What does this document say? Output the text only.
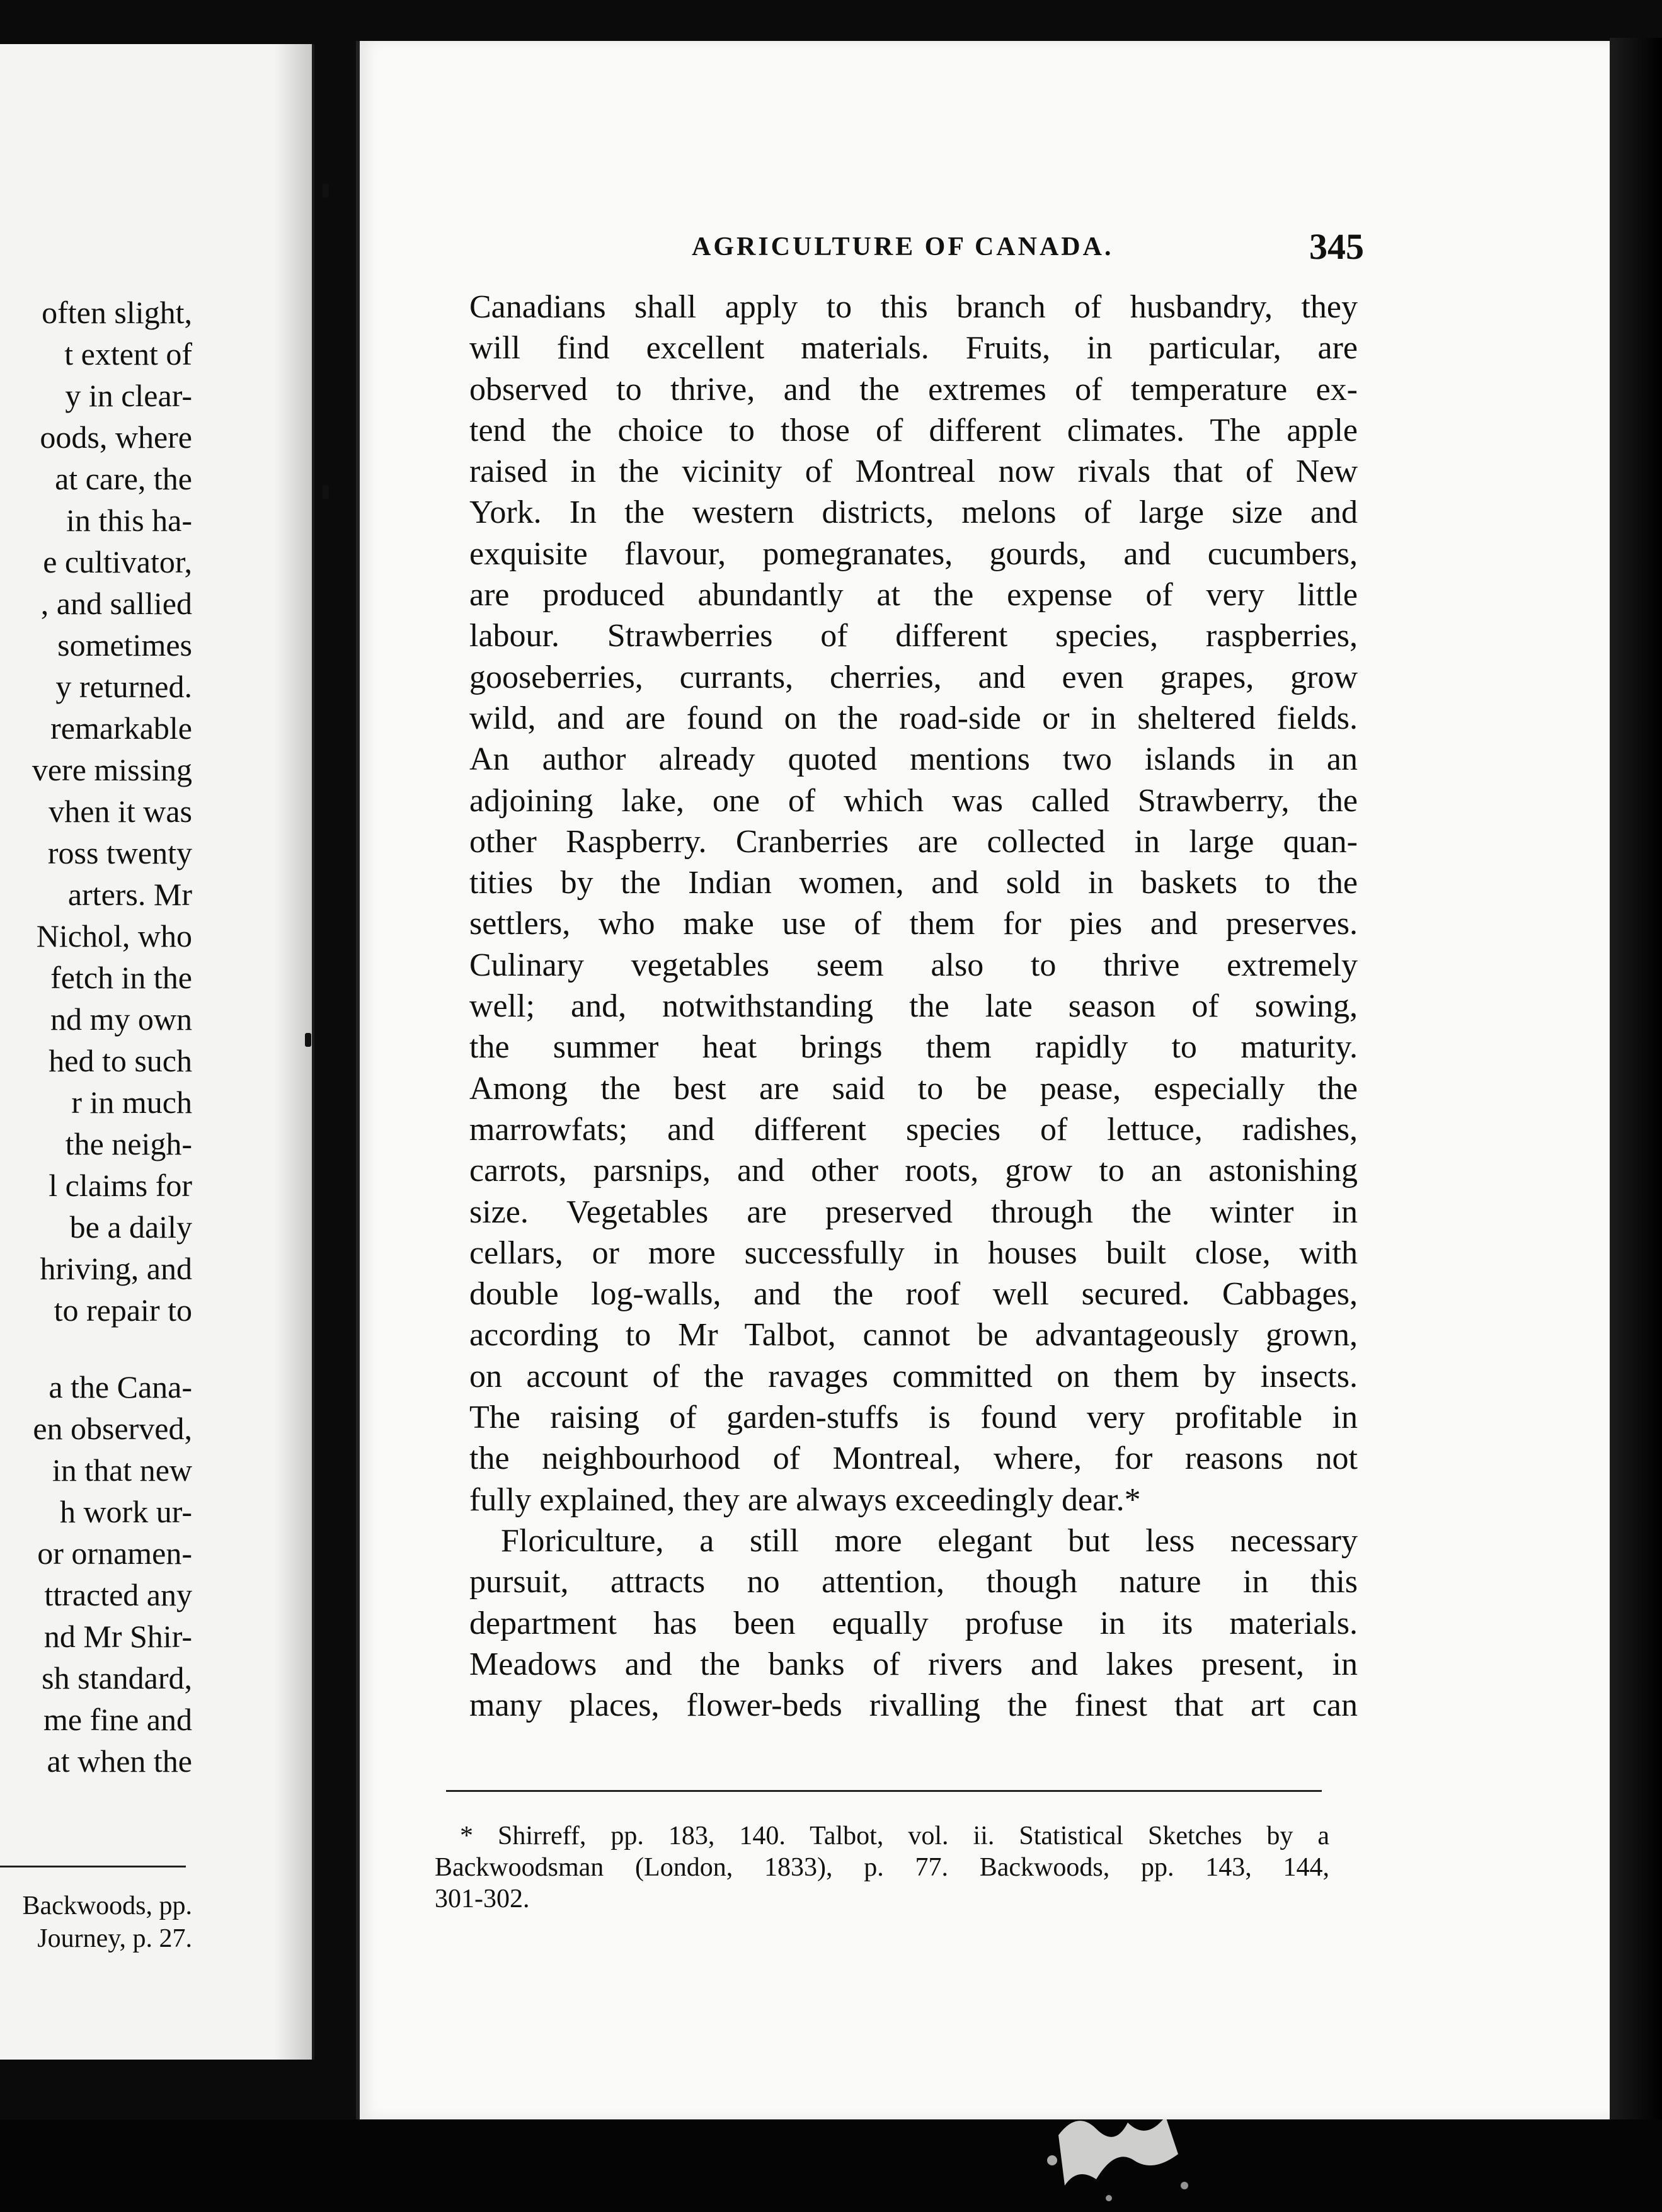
often slight,
t extent of
y in clear-
oods, where
at care, the
in this ha-
e cultivator,
, and sallied
sometimes
y returned.
remarkable
vere missing
vhen it was
ross twenty
arters. Mr
Nichol, who
fetch in the
nd my own
hed to such
r in much
the neigh-
l claims for
be a daily
hriving, and
to repair to
a the Cana-
en observed,
in that new
h work ur-
or ornamen-
ttracted any
nd Mr Shir-
sh standard,
me fine and
at when the
Backwoods, pp.
Journey, p. 27.
AGRICULTURE OF CANADA.	345
Canadians shall apply to this branch of husbandry, they
will find excellent materials. Fruits, in particular, are
observed to thrive, and the extremes of temperature ex-
tend the choice to those of different climates. The apple
raised in the vicinity of Montreal now rivals that of New
York. In the western districts, melons of large size and
exquisite flavour, pomegranates, gourds, and cucumbers,
are produced abundantly at the expense of very little
labour. Strawberries of different species, raspberries,
gooseberries, currants, cherries, and even grapes, grow
wild, and are found on the road-side or in sheltered fields.
An author already quoted mentions two islands in an
adjoining lake, one of which was called Strawberry, the
other Raspberry. Cranberries are collected in large quan-
tities by the Indian women, and sold in baskets to the
settlers, who make use of them for pies and preserves.
Culinary vegetables seem also to thrive extremely
well; and, notwithstanding the late season of sowing,
the summer heat brings them rapidly to maturity.
Among the best are said to be pease, especially the
marrowfats; and different species of lettuce, radishes,
carrots, parsnips, and other roots, grow to an astonishing
size. Vegetables are preserved through the winter in
cellars, or more successfully in houses built close, with
double log-walls, and the roof well secured. Cabbages,
according to Mr Talbot, cannot be advantageously grown,
on account of the ravages committed on them by insects.
The raising of garden-stuffs is found very profitable in
the neighbourhood of Montreal, where, for reasons not
fully explained, they are always exceedingly dear.*
Floriculture, a still more elegant but less necessary
pursuit, attracts no attention, though nature in this
department has been equally profuse in its materials.
Meadows and the banks of rivers and lakes present, in
many places, flower-beds rivalling the finest that art can
* Shirreff, pp. 183, 140. Talbot, vol. ii. Statistical Sketches by a
Backwoodsman (London, 1833), p. 77. Backwoods, pp. 143, 144,
301-302.
